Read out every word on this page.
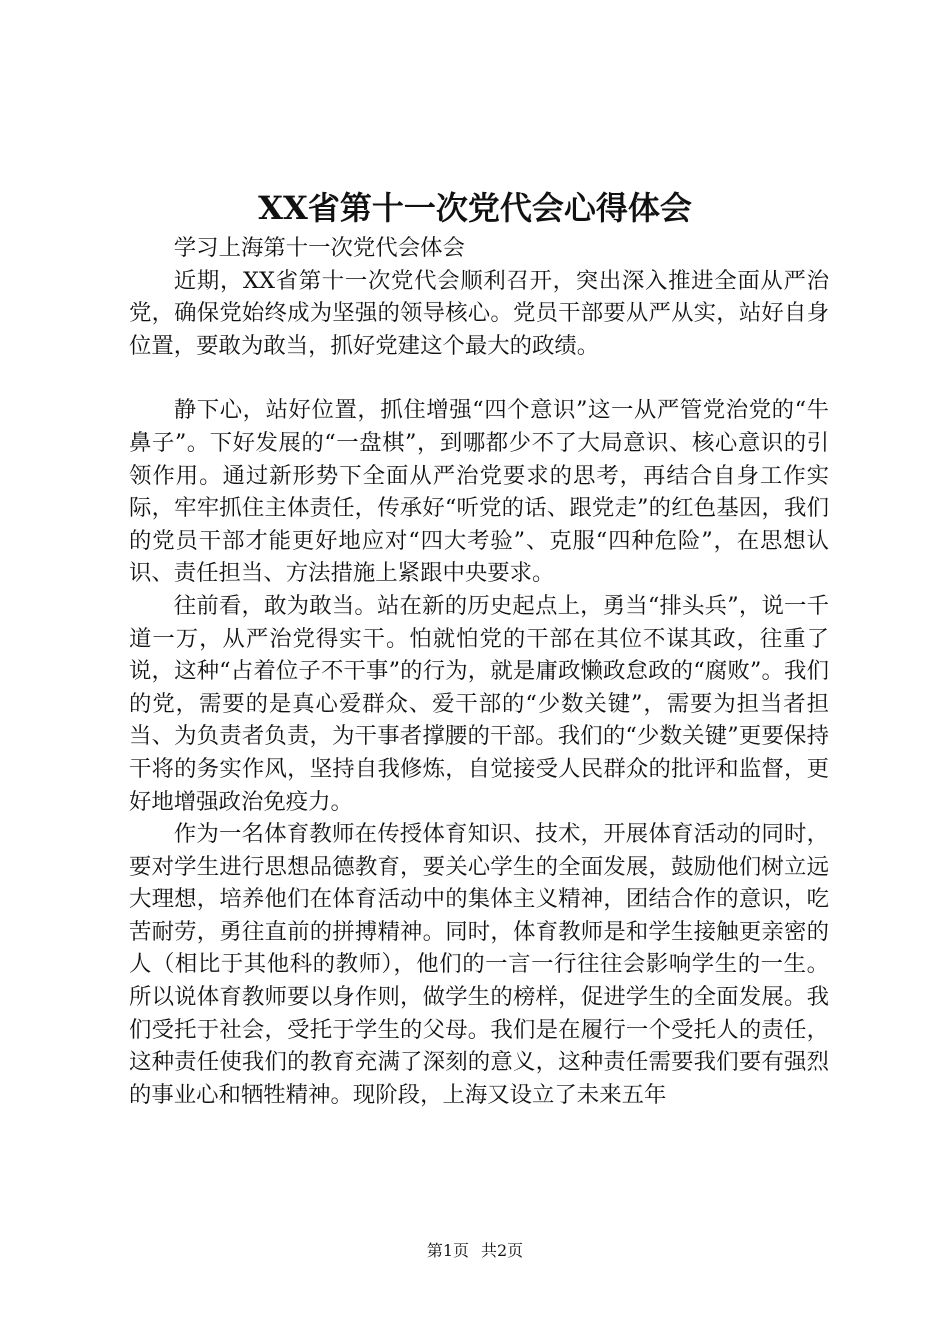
XX省第十一次党代会心得体会

学习上海第十一次党代会体会

近期，XX省第十一次党代会顺利召开，突出深入推进全面从严治党，确保党始终成为坚强的领导核心。党员干部要从严从实，站好自身位置，要敢为敢当，抓好党建这个最大的政绩。

静下心，站好位置，抓住增强“四个意识”这一从严管党治党的“牛鼻子”。下好发展的“一盘棋”，到哪都少不了大局意识、核心意识的引领作用。通过新形势下全面从严治党要求的思考，再结合自身工作实际，牢牢抓住主体责任，传承好“听党的话、跟党走”的红色基因，我们的党员干部才能更好地应对“四大考验”、克服“四种危险”，在思想认识、责任担当、方法措施上紧跟中央要求。

往前看，敢为敢当。站在新的历史起点上，勇当“排头兵”，说一千道一万，从严治党得实干。怕就怕党的干部在其位不谋其政，往重了说，这种“占着位子不干事”的行为，就是庸政懒政怠政的“腐败”。我们的党，需要的是真心爱群众、爱干部的“少数关键”，需要为担当者担当、为负责者负责，为干事者撑腰的干部。我们的“少数关键”更要保持干将的务实作风，坚持自我修炼，自觉接受人民群众的批评和监督，更好地增强政治免疫力。

作为一名体育教师在传授体育知识、技术，开展体育活动的同时，要对学生进行思想品德教育，要关心学生的全面发展，鼓励他们树立远大理想，培养他们在体育活动中的集体主义精神，团结合作的意识，吃苦耐劳，勇往直前的拼搏精神。同时，体育教师是和学生接触更亲密的人（相比于其他科的教师），他们的一言一行往往会影响学生的一生。所以说体育教师要以身作则，做学生的榜样，促进学生的全面发展。我们受托于社会，受托于学生的父母。我们是在履行一个受托人的责任，这种责任使我们的教育充满了深刻的意义，这种责任需要我们要有强烈的事业心和牺牲精神。现阶段，上海又设立了未来五年

第1页 共2页
